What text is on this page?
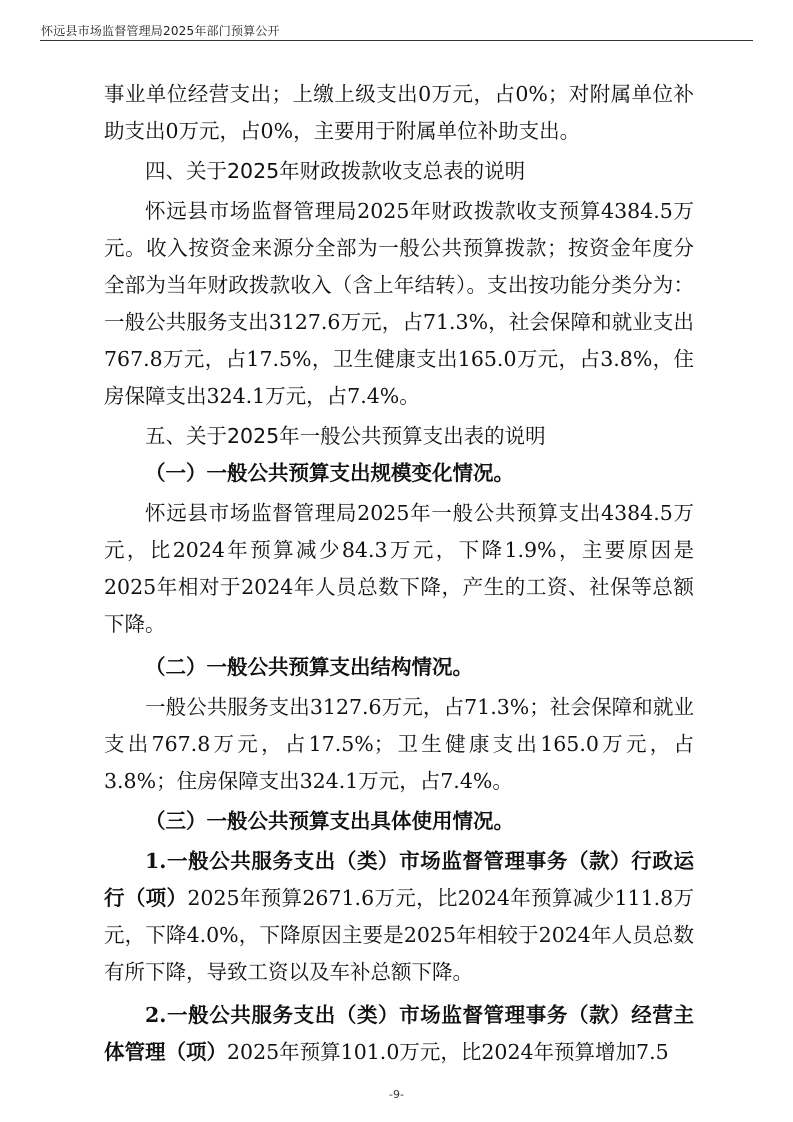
怀远县市场监督管理局2025年部门预算公开

事业单位经营支出；上缴上级支出0万元，占0%；对附属单位补助支出0万元，占0%，主要用于附属单位补助支出。

四、关于2025年财政拨款收支总表的说明

怀远县市场监督管理局2025年财政拨款收支预算4384.5万元。收入按资金来源分全部为一般公共预算拨款；按资金年度分全部为当年财政拨款收入（含上年结转）。支出按功能分类分为：一般公共服务支出3127.6万元，占71.3%，社会保障和就业支出767.8万元，占17.5%，卫生健康支出165.0万元，占3.8%，住房保障支出324.1万元，占7.4%。

五、关于2025年一般公共预算支出表的说明

（一）一般公共预算支出规模变化情况。

怀远县市场监督管理局2025年一般公共预算支出4384.5万元，比2024年预算减少84.3万元，下降1.9%，主要原因是2025年相对于2024年人员总数下降，产生的工资、社保等总额下降。

（二）一般公共预算支出结构情况。

一般公共服务支出3127.6万元，占71.3%；社会保障和就业支出767.8万元，占17.5%；卫生健康支出165.0万元，占3.8%；住房保障支出324.1万元，占7.4%。

（三）一般公共预算支出具体使用情况。

1.一般公共服务支出（类）市场监督管理事务（款）行政运行（项）2025年预算2671.6万元，比2024年预算减少111.8万元，下降4.0%，下降原因主要是2025年相较于2024年人员总数有所下降，导致工资以及车补总额下降。

2.一般公共服务支出（类）市场监督管理事务（款）经营主体管理（项）2025年预算101.0万元，比2024年预算增加7.5

-9-
